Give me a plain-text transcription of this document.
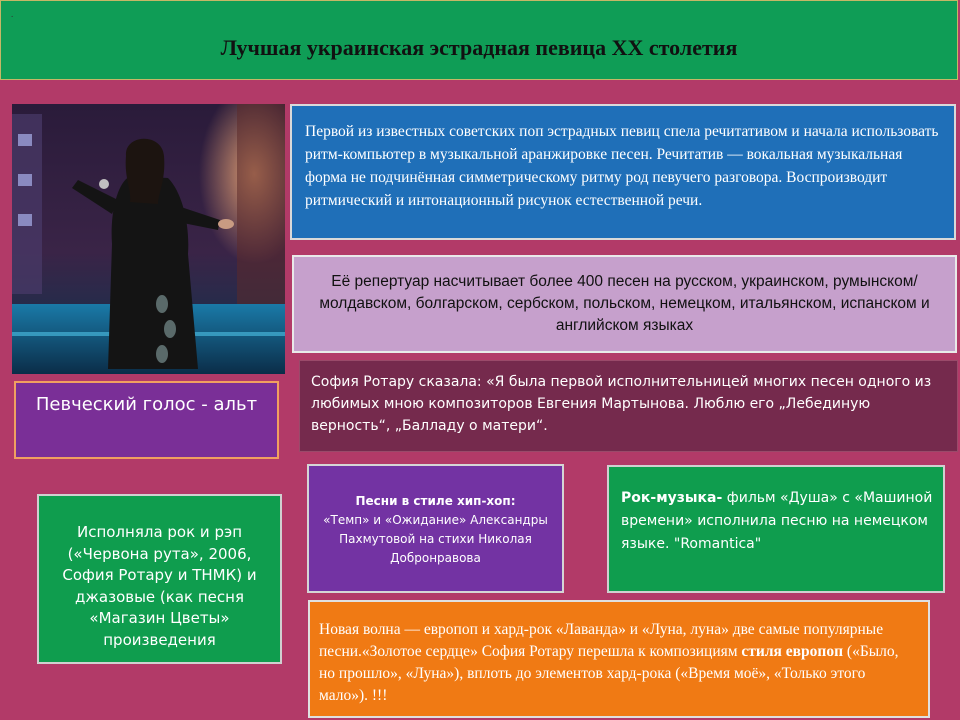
.
Лучшая украинская эстрадная певица ХХ столетия
Первой из известных советских поп эстрадных певиц спела речитативом и начала использовать ритм-компьютер в музыкальной аранжировке песен. Речитатив — вокальная музыкальная форма не подчинённая симметрическому ритму род певучего разговора. Воспроизводит ритмический и интонационный рисунок естественной речи.
Её репертуар насчитывает более 400 песен на русском, украинском, румынском/молдавском, болгарском, сербском, польском, немецком, итальянском, испанском и английском языках
София Ротару сказала: «Я была первой исполнительницей многих песен одного из любимых мною композиторов Евгения Мартынова. Люблю его „Лебединую верность“, „Балладу о матери“.
Певческий голос - альт
Исполняла рок и рэп («Червона рута», 2006, София Ротару и ТНМК) и джазовые (как песня «Магазин Цветы» произведения
Песни в стиле хип-хоп:
«Темп» и «Ожидание» Александры Пахмутовой на стихи Николая Добронравова
Рок-музыка- фильм «Душа» с «Машиной времени» исполнила песню на немецком языке. "Romantica"
Новая волна — европоп и хард-рок «Лаванда» и «Луна, луна» две самые популярные песни.«Золотое сердце» София Ротару перешла к композициям стиля европоп («Было, но прошло», «Луна»), вплоть до элементов хард-рока («Время моё», «Только этого мало»). !!!
